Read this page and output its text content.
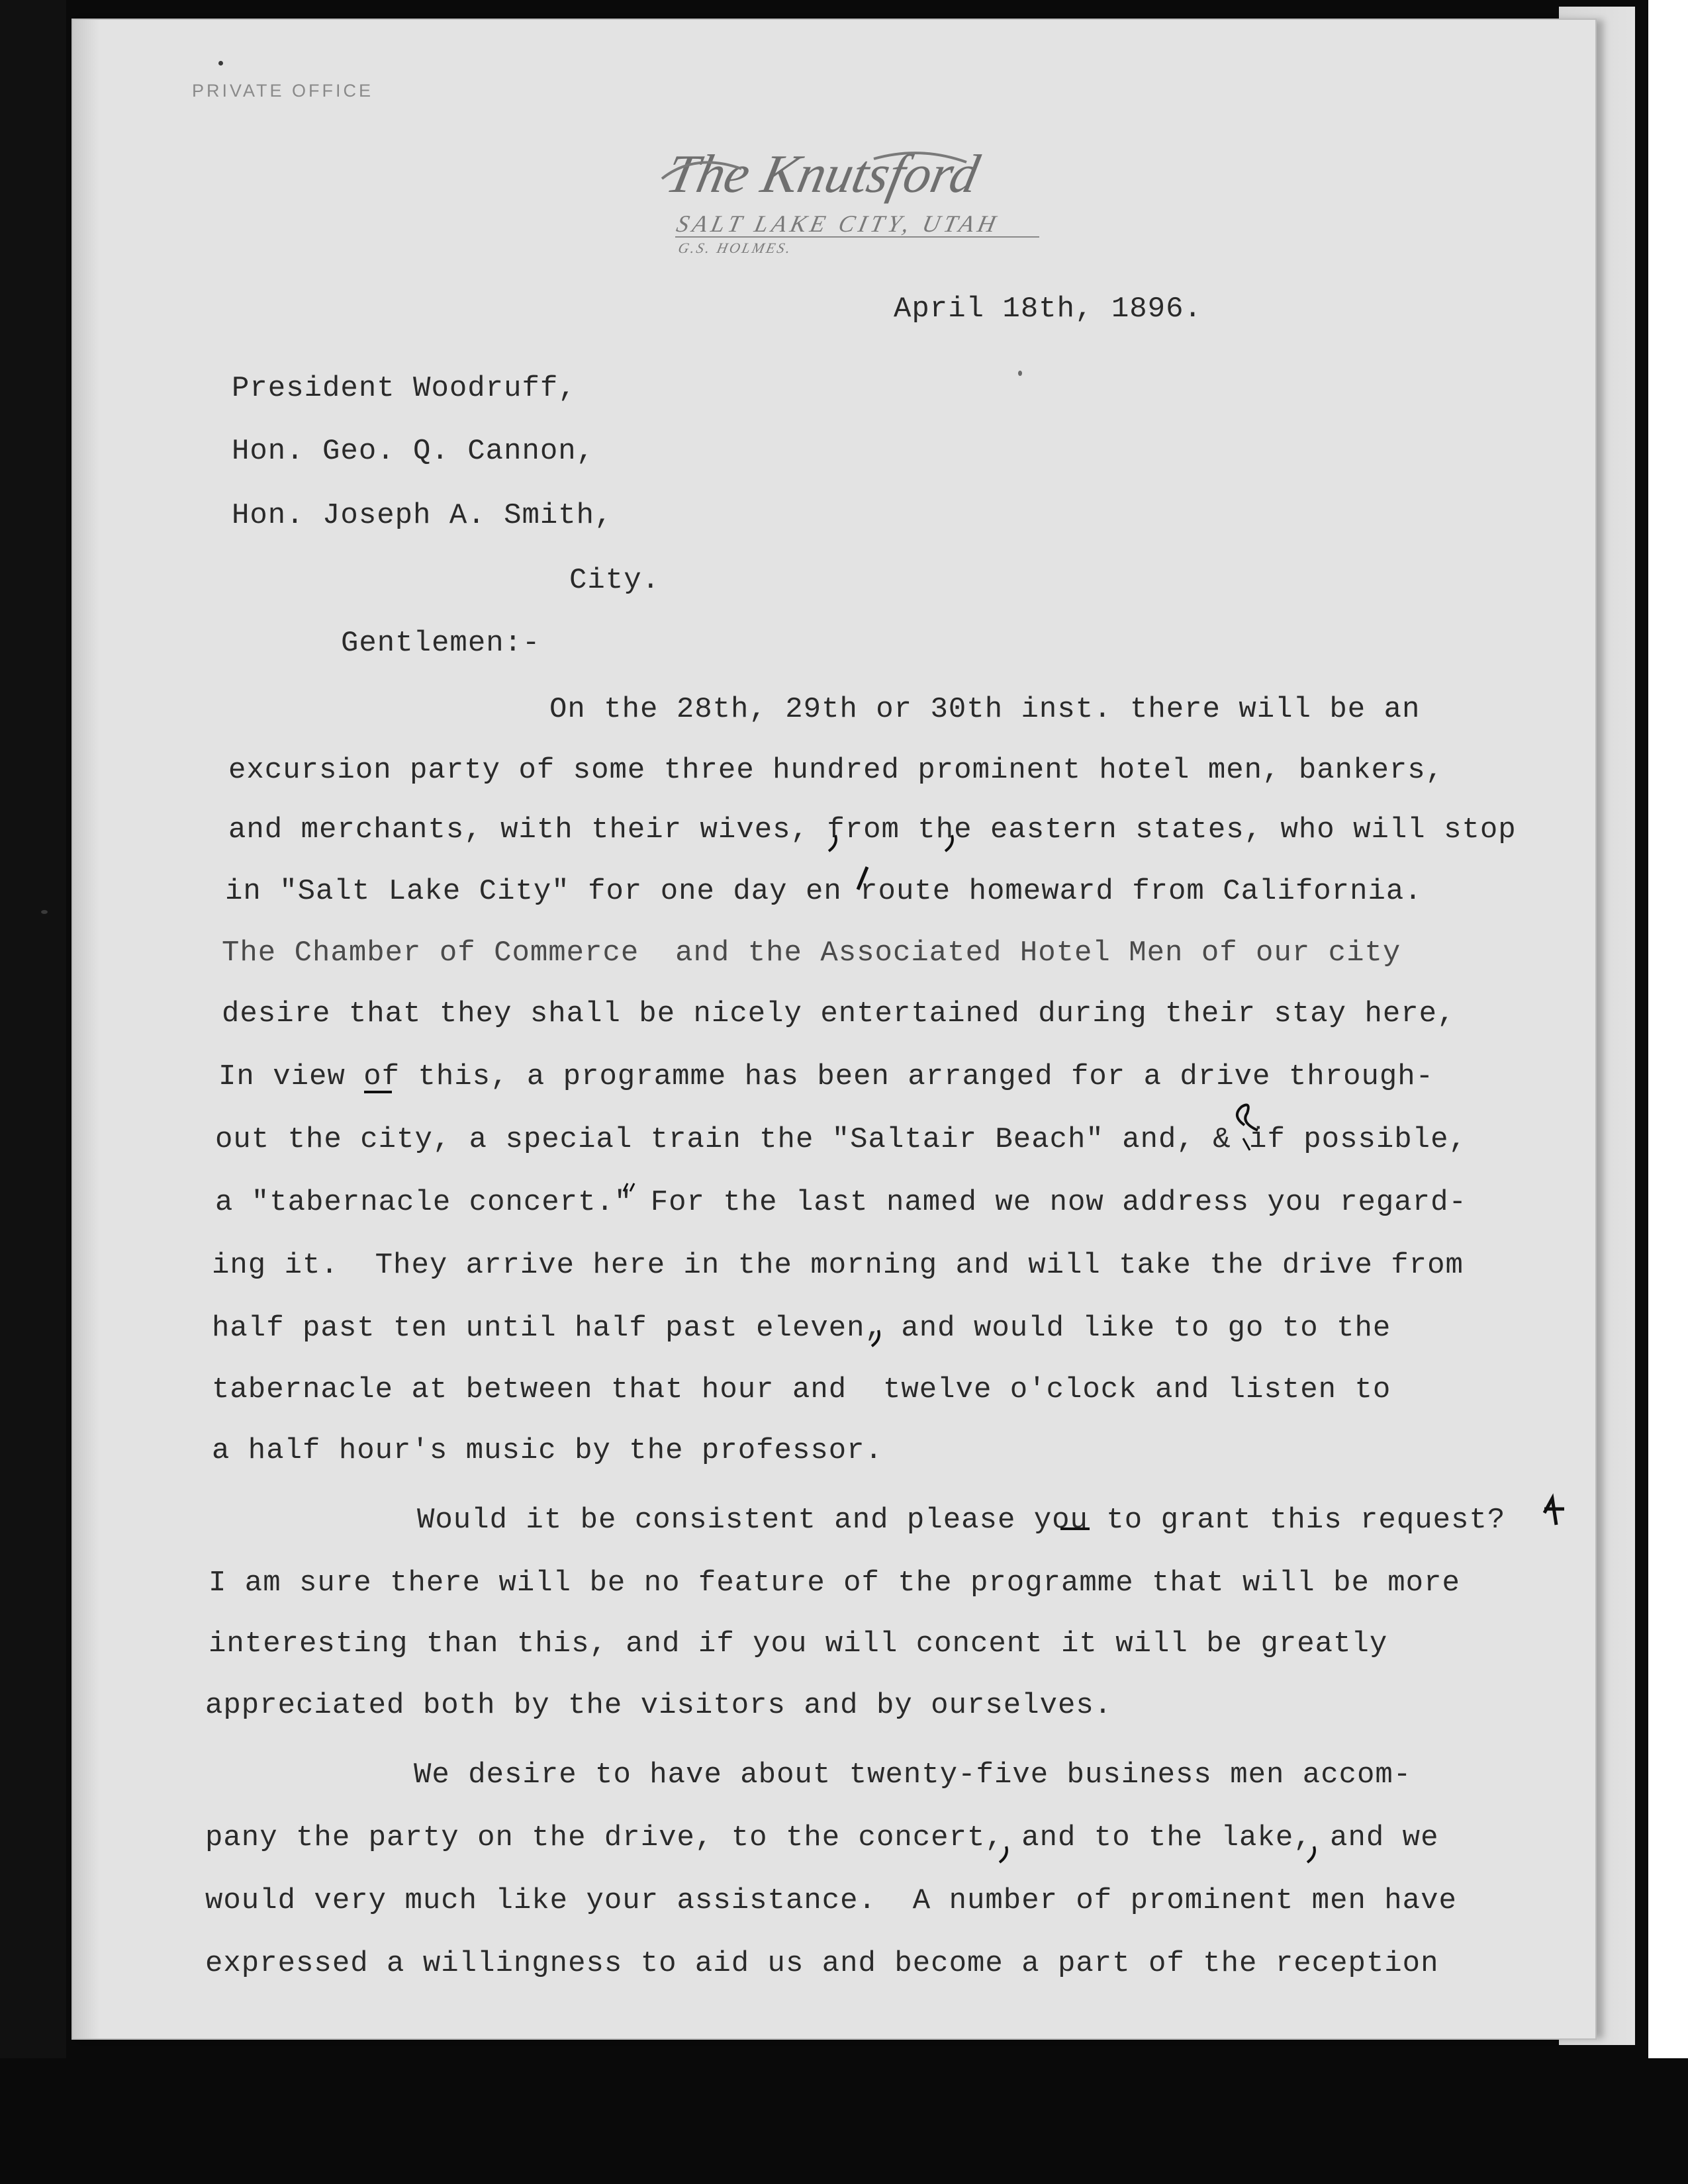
PRIVATE OFFICE
The Knutsford
SALT LAKE CITY, UTAH
G.S. HOLMES.
April 18th, 1896.
President Woodruff,
Hon. Geo. Q. Cannon,
Hon. Joseph A. Smith,
City.
Gentlemen:-
On the 28th, 29th or 30th inst. there will be an
excursion party of some three hundred prominent hotel men, bankers,
and merchants, with their wives, from the eastern states, who will stop
in "Salt Lake City" for one day en route homeward from California.
The Chamber of Commerce  and the Associated Hotel Men of our city
desire that they shall be nicely entertained during their stay here,
In view of this, a programme has been arranged for a drive through-
out the city, a special train the "Saltair Beach" and, & if possible,
a "tabernacle concert." For the last named we now address you regard-
ing it.  They arrive here in the morning and will take the drive from
half past ten until half past eleven, and would like to go to the
tabernacle at between that hour and  twelve o'clock and listen to
a half hour's music by the professor.
Would it be consistent and please you to grant this request?
I am sure there will be no feature of the programme that will be more
interesting than this, and if you will concent it will be greatly
appreciated both by the visitors and by ourselves.
We desire to have about twenty-five business men accom-
pany the party on the drive, to the concert, and to the lake, and we
would very much like your assistance.  A number of prominent men have
expressed a willingness to aid us and become a part of the reception
